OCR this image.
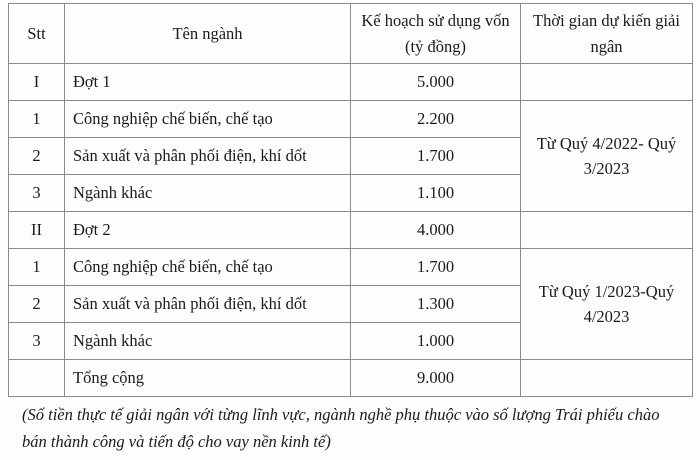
Stt	Tên ngành	Kế hoạch sử dụng vốn (tỷ đồng)	Thời gian dự kiến giải ngân
I	Đợt 1	5.000	
1	Công nghiệp chế biến, chế tạo	2.200	Từ Quý 4/2022- Quý 3/2023
2	Sản xuất và phân phối điện, khí dốt	1.700	
3	Ngành khác	1.100	
II	Đợt 2	4.000	
1	Công nghiệp chế biến, chế tạo	1.700	Từ Quý 1/2023-Quý 4/2023
2	Sản xuất và phân phối điện, khí dốt	1.300	
3	Ngành khác	1.000	
	Tổng cộng	9.000	
(Số tiền thực tế giải ngân với từng lĩnh vực, ngành nghề phụ thuộc vào số lượng Trái phiếu chào bán thành công và tiến độ cho vay nền kinh tế)
